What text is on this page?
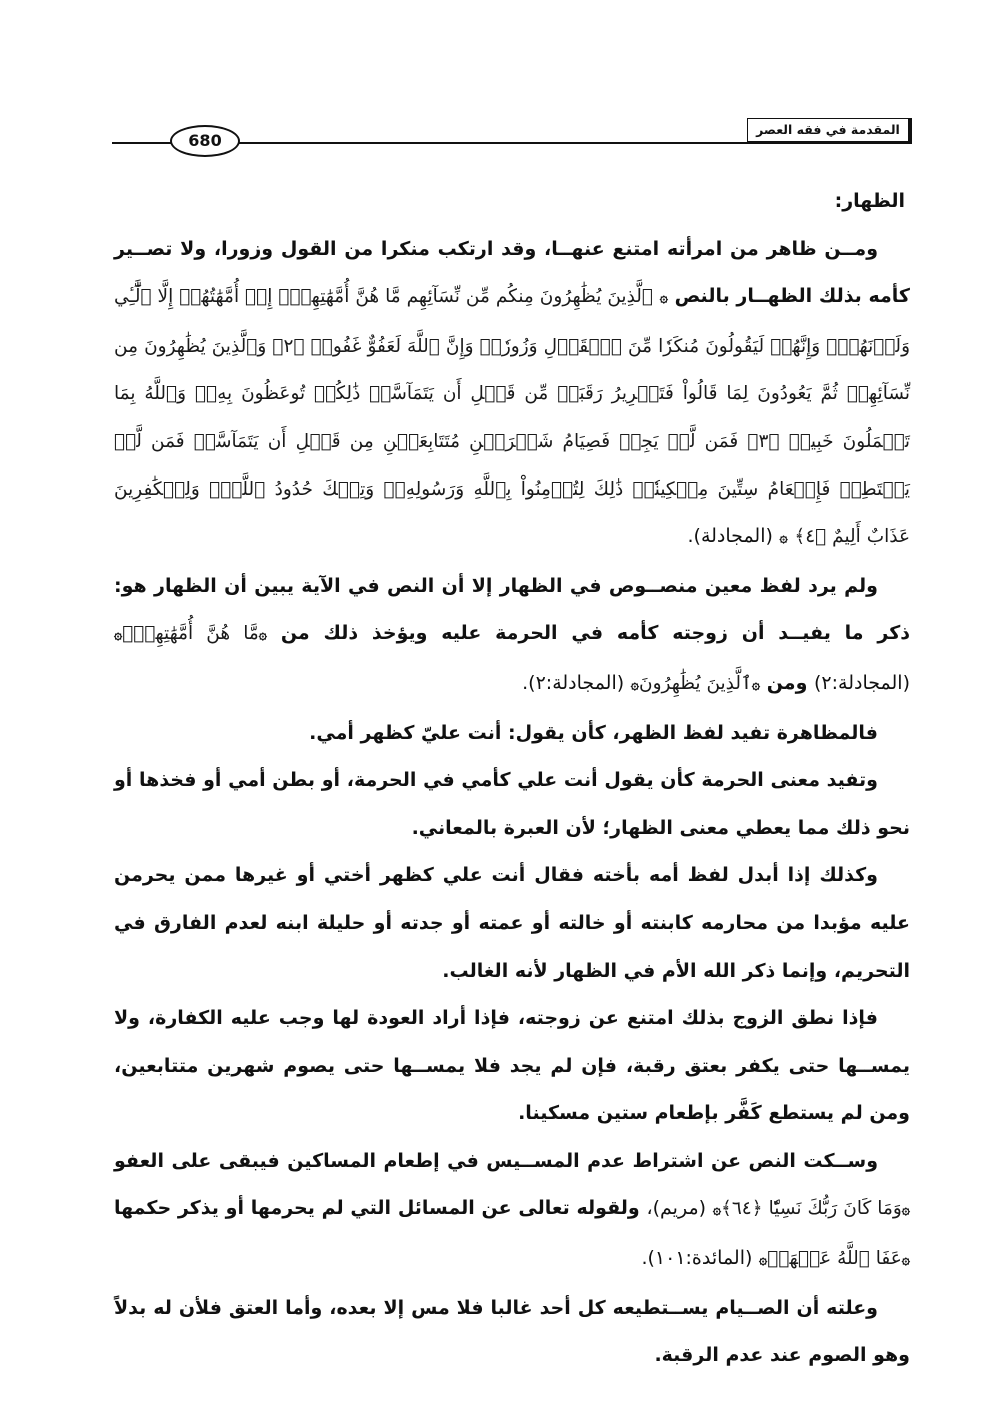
المقدمة في فقه العصر
680

الظهار:

ومــن ظاهر من امرأته امتنع عنهــا، وقد ارتكب منكرا من القول وزورا، ولا تصــير كأمه بذلك الظهــار بالنص ۞ ٱلَّذِينَ يُظَٰهِرُونَ مِنكُم مِّن نِّسَآئِهِم مَّا هُنَّ أُمَّهَٰتِهِمۡۖ إِنۡ أُمَّهَٰتُهُمۡ إِلَّا ٱلَّٰٓـِٔي وَلَدۡنَهُمۡۚ وَإِنَّهُمۡ لَيَقُولُونَ مُنكَرٗا مِّنَ ٱلۡقَوۡلِ وَزُورٗاۚ وَإِنَّ ٱللَّهَ لَعَفُوٌّ غَفُورٞ ﴿٢﴾ وَٱلَّذِينَ يُظَٰهِرُونَ مِن نِّسَآئِهِمۡ ثُمَّ يَعُودُونَ لِمَا قَالُواْ فَتَحۡرِيرُ رَقَبَةٖ مِّن قَبۡلِ أَن يَتَمَآسَّاۚ ذَٰلِكُمۡ تُوعَظُونَ بِهِۦۚ وَٱللَّهُ بِمَا تَعۡمَلُونَ خَبِيرٞ ﴿٣﴾ فَمَن لَّمۡ يَجِدۡ فَصِيَامُ شَهۡرَيۡنِ مُتَتَابِعَيۡنِ مِن قَبۡلِ أَن يَتَمَآسَّاۖ فَمَن لَّمۡ يَسۡتَطِعۡ فَإِطۡعَامُ سِتِّينَ مِسۡكِينٗاۚ ذَٰلِكَ لِتُؤۡمِنُواْ بِٱللَّهِ وَرَسُولِهِۦۚ وَتِلۡكَ حُدُودُ ٱللَّهِۗ وَلِلۡكَٰفِرِينَ عَذَابٌ أَلِيمٌ ﴿٤﴾ ۞ (المجادلة).

ولم يرد لفظ معين منصــوص في الظهار إلا أن النص في الآية يبين أن الظهار هو: ذكر ما يفيــد أن زوجته كأمه في الحرمة عليه ويؤخذ ذلك من ۞مَّا هُنَّ أُمَّهَٰتِهِمۡۖ۞ (المجادلة:٢) ومن ۞ٱلَّذِينَ يُظَٰهِرُونَ۞ (المجادلة:٢).

فالمظاهرة تفيد لفظ الظهر، كأن يقول: أنت عليّ كظهر أمي.

وتفيد معنى الحرمة كأن يقول أنت علي كأمي في الحرمة، أو بطن أمي أو فخذها أو نحو ذلك مما يعطي معنى الظهار؛ لأن العبرة بالمعاني.

وكذلك إذا أبدل لفظ أمه بأخته فقال أنت علي كظهر أختي أو غيرها ممن يحرمن عليه مؤبدا من محارمه كابنته أو خالته أو عمته أو جدته أو حليلة ابنه لعدم الفارق في التحريم، وإنما ذكر الله الأم في الظهار لأنه الغالب.

فإذا نطق الزوج بذلك امتنع عن زوجته، فإذا أراد العودة لها وجب عليه الكفارة، ولا يمســها حتى يكفر بعتق رقبة، فإن لم يجد فلا يمســها حتى يصوم شهرين متتابعين، ومن لم يستطع كَفَّر بإطعام ستين مسكينا.

وســكت النص عن اشتراط عدم المســيس في إطعام المساكين فيبقى على العفو ۞وَمَا كَانَ رَبُّكَ نَسِيّٗا ﴿٦٤﴾۞ (مريم)، ولقوله تعالى عن المسائل التي لم يحرمها أو يذكر حكمها ۞عَفَا ٱللَّهُ عَنۡهَاۗ۞ (المائدة:١٠١).

وعلته أن الصــيام يســتطيعه كل أحد غالبا فلا مس إلا بعده، وأما العتق فلأن له بدلاً وهو الصوم عند عدم الرقبة.
